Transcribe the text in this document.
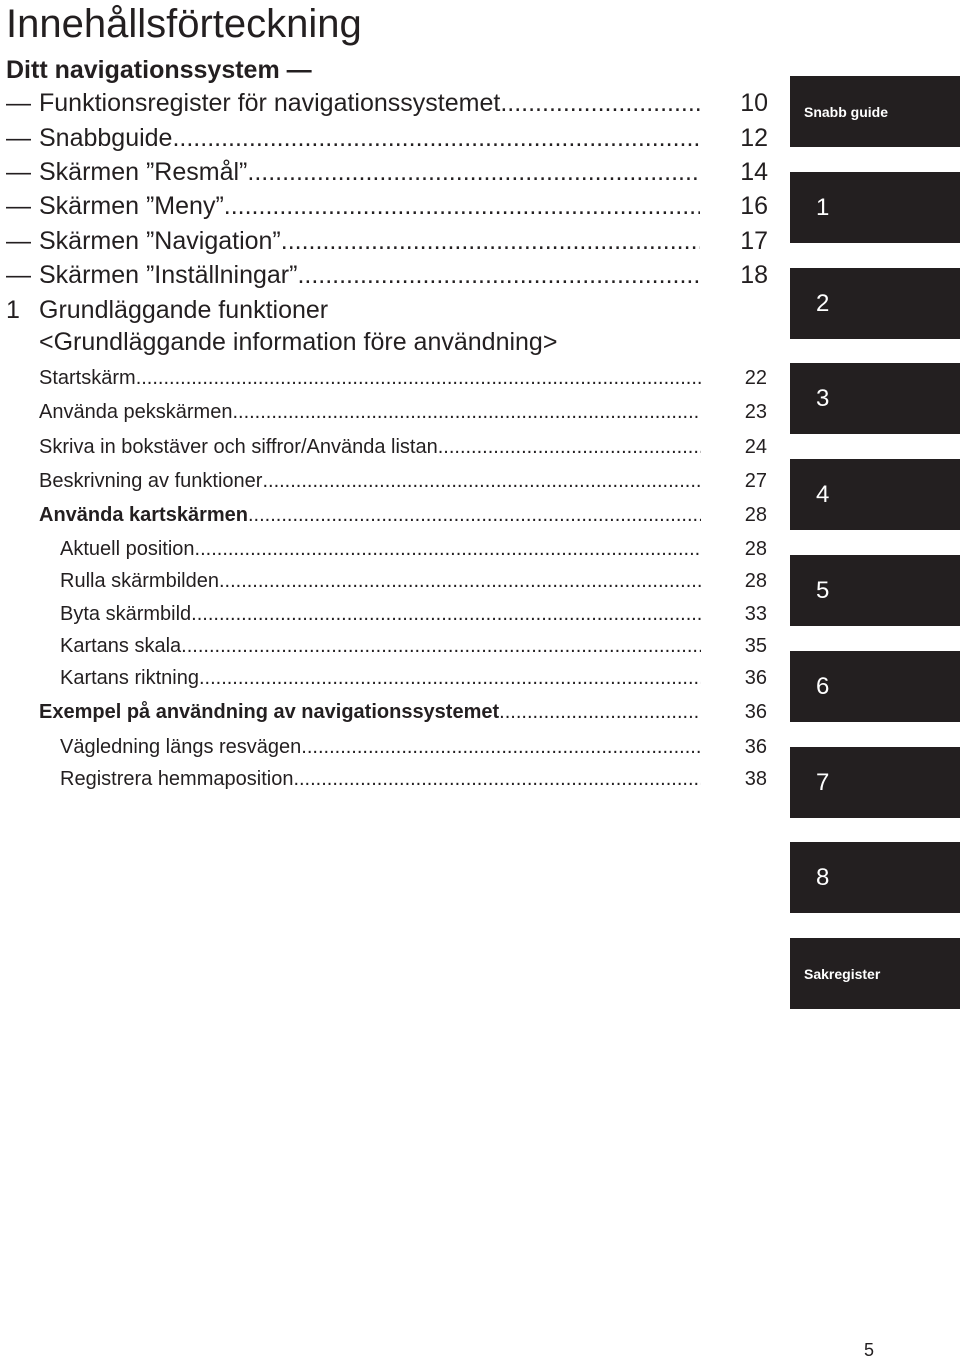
Innehållsförteckning
Ditt navigationssystem —
— Funktionsregister för navigationssystemet .....	10
— Snabbguide .....	12
— Skärmen ”Resmål” .....	14
— Skärmen ”Meny” .....	16
— Skärmen ”Navigation” .....	17
— Skärmen ”Inställningar” .....	18
1 Grundläggande funktioner
<Grundläggande information före användning>
Startskärm .....	22
Använda pekskärmen .....	23
Skriva in bokstäver och siffror/Använda listan .....	24
Beskrivning av funktioner .....	27
Använda kartskärmen .....	28
Aktuell position .....	28
Rulla skärmbilden .....	28
Byta skärmbild .....	33
Kartans skala .....	35
Kartans riktning .....	36
Exempel på användning av navigationssystemet .....	36
Vägledning längs resvägen .....	36
Registrera hemmaposition .....	38
Snabb guide
1
2
3
4
5
6
7
8
Sakregister
5
